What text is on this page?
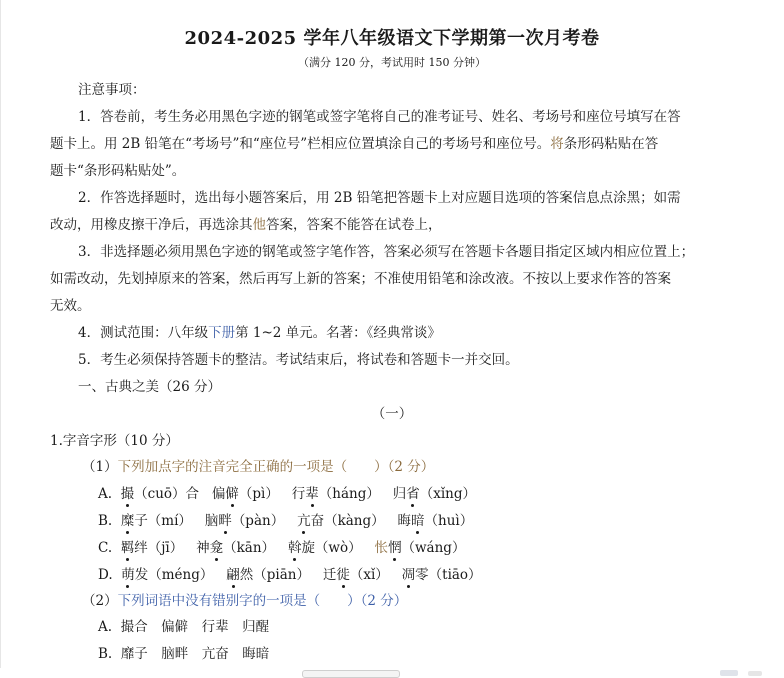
2024-2025 学年八年级语文下学期第一次月考卷
（满分 120 分，考试用时 150 分钟）
注意事项：
1．答卷前，考生务必用黑色字迹的钢笔或签字笔将自己的准考证号、姓名、考场号和座位号填写在答
题卡上。用 2B 铅笔在“考场号”和“座位号”栏相应位置填涂自己的考场号和座位号。将条形码粘贴在答
题卡“条形码粘贴处”。
2．作答选择题时，选出每小题答案后，用 2B 铅笔把答题卡上对应题目选项的答案信息点涂黑；如需
改动，用橡皮擦干净后，再选涂其他答案，答案不能答在试卷上，
3．非选择题必须用黑色字迹的钢笔或签字笔作答，答案必须写在答题卡各题目指定区域内相应位置上；
如需改动，先划掉原来的答案，然后再写上新的答案；不准使用铅笔和涂改液。不按以上要求作答的答案
无效。
4．测试范围：八年级下册第 1~2 单元。名著：《经典常谈》
5．考生必须保持答题卡的整洁。考试结束后，将试卷和答题卡一并交回。
一、古典之美（26 分）
（一）
1.字音字形（10 分）
（1）下列加点字的注音完全正确的一项是（　　）（2 分）
A. 撮（cuō）合 偏僻（pì） 行辈（háng） 归省（xǐng）
B. 糜子（mí） 脑畔（pàn） 亢奋（kàng） 晦暗（huì）
C. 羁绊（jī） 神龛（kān） 斡旋（wò） 怅惘（wáng）
D. 萌发（méng） 翩然（piān） 迁徙（xǐ） 凋零（tiāo）
（2）下列词语中没有错别字的一项是（　　）（2 分）
A. 撮合　偏僻　行辈　归醒
B. 靡子　脑畔　亢奋　晦暗
